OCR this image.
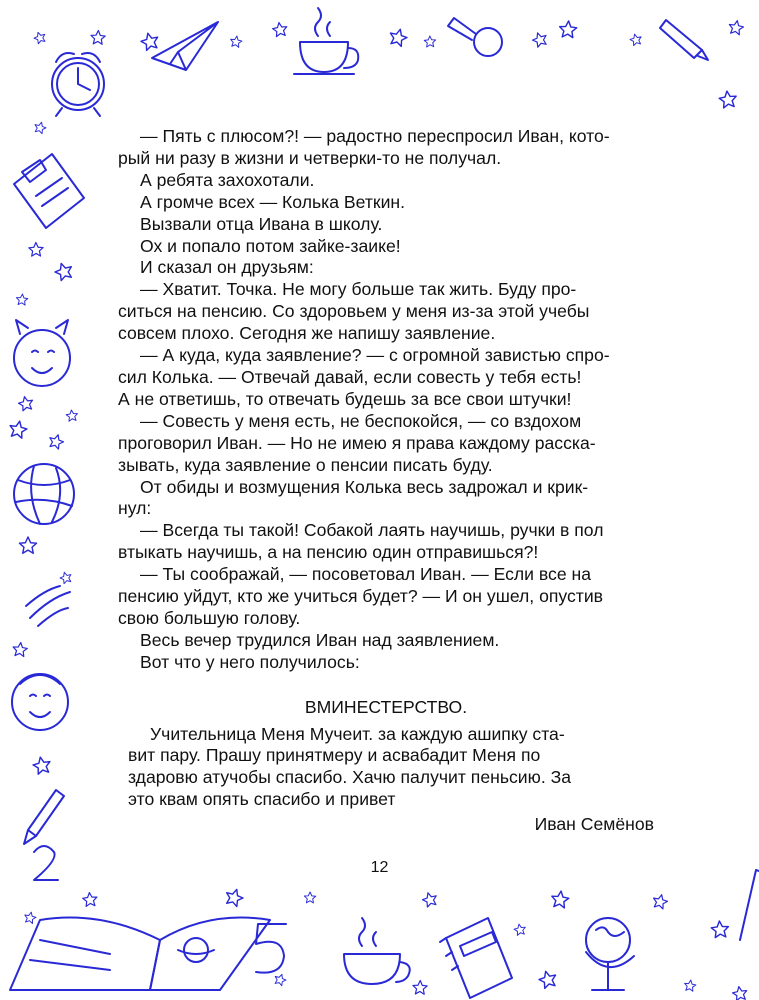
— Пять с плюсом?! — радостно переспросил Иван, кото-

рый ни разу в жизни и четверки-то не получал.

А ребята захохотали.

А громче всех — Колька Веткин.

Вызвали отца Ивана в школу.

Ох и попало потом зайке-заике!

И сказал он друзьям:

— Хватит. Точка. Не могу больше так жить. Буду про-

ситься на пенсию. Со здоровьем у меня из-за этой учебы

совсем плохо. Сегодня же напишу заявление.

— А куда, куда заявление? — с огромной завистью спро-

сил Колька. — Отвечай давай, если совесть у тебя есть!

А не ответишь, то отвечать будешь за все свои штучки!

— Совесть у меня есть, не беспокойся, — со вздохом

проговорил Иван. — Но не имею я права каждому расска-

зывать, куда заявление о пенсии писать буду.

От обиды и возмущения Колька весь задрожал и крик-

нул:

— Всегда ты такой! Собакой лаять научишь, ручки в пол

втыкать научишь, а на пенсию один отправишься?!

— Ты соображай, — посоветовал Иван. — Если все на

пенсию уйдут, кто же учиться будет? — И он ушел, опустив

свою большую голову.

Весь вечер трудился Иван над заявлением.

Вот что у него получилось:

ВМИНЕСТЕРСТВО.

Учительница Меня Мучеит. за каждую ашипку ста-

вит пару. Прашу принятмеру и асвабадит Меня по

здаровю атучобы спасибо. Хачю палучит пеньсию. За

это квам опять спасибо и привет

Иван Семёнов

12
